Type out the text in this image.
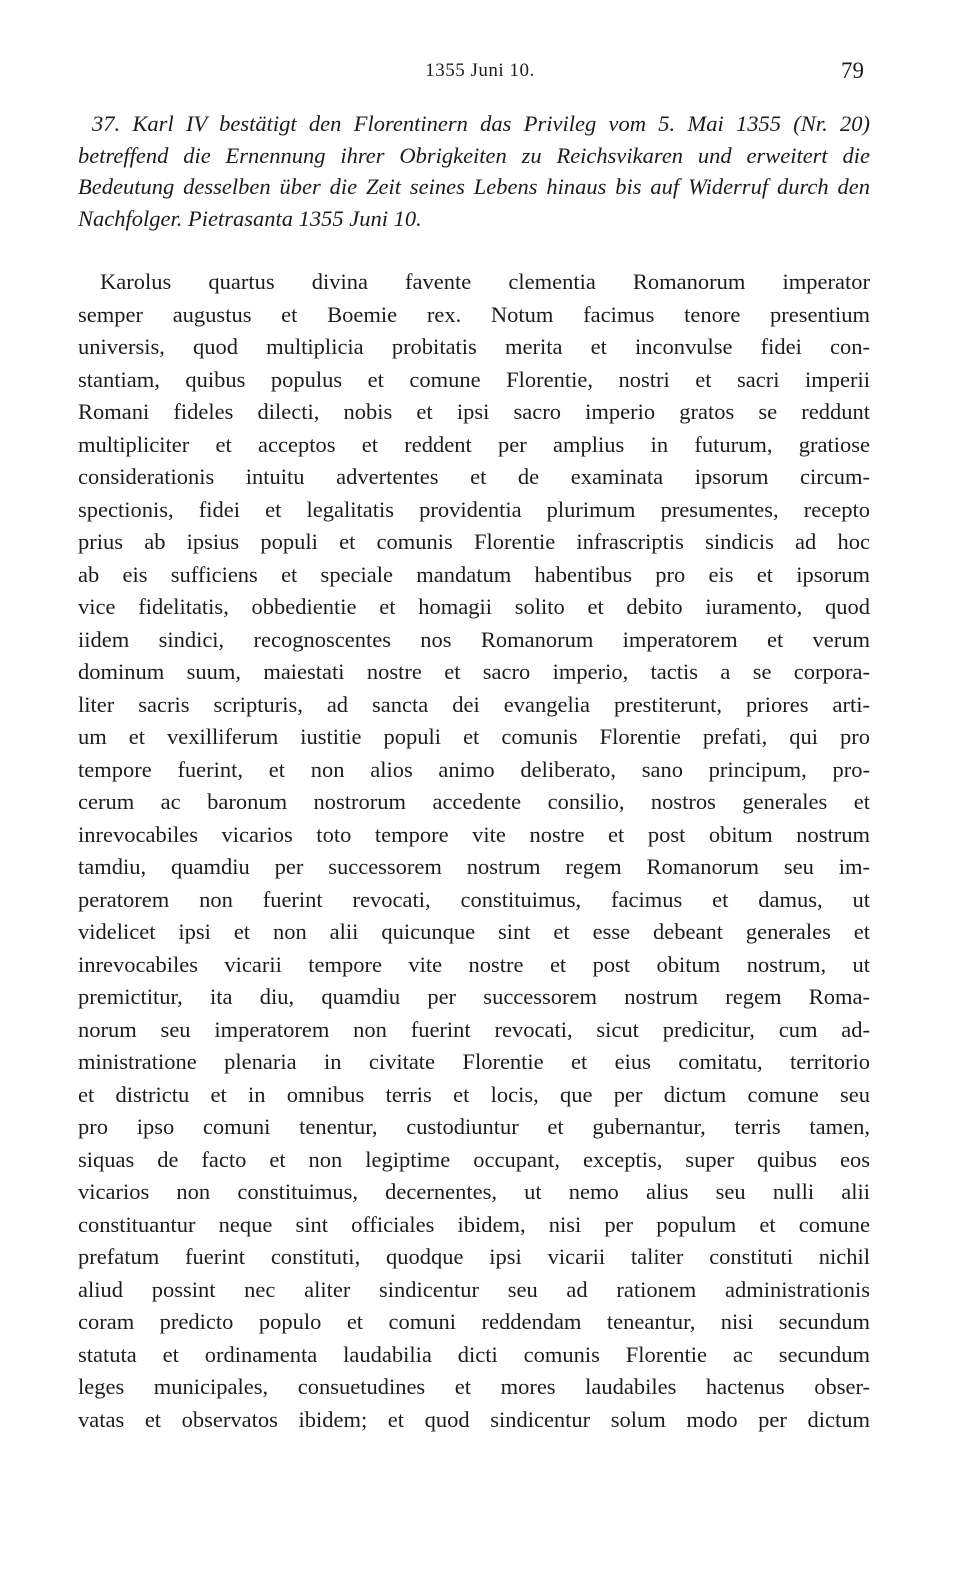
1355 Juni 10.	79
37. Karl IV bestätigt den Florentinern das Privileg vom 5. Mai 1355 (Nr. 20) betreffend die Ernennung ihrer Obrigkeiten zu Reichsvikaren und erweitert die Bedeutung desselben über die Zeit seines Lebens hinaus bis auf Widerruf durch den Nachfolger. Pietrasanta 1355 Juni 10.
Karolus quartus divina favente clementia Romanorum imperator
semper augustus et Boemie rex. Notum facimus tenore presentium
universis, quod multiplicia probitatis merita et inconvulse fidei con-
stantiam, quibus populus et comune Florentie, nostri et sacri imperii
Romani fideles dilecti, nobis et ipsi sacro imperio gratos se reddunt
multipliciter et acceptos et reddent per amplius in futurum, gratiose
considerationis intuitu advertentes et de examinata ipsorum circum-
spectionis, fidei et legalitatis providentia plurimum presumentes, recepto
prius ab ipsius populi et comunis Florentie infrascriptis sindicis ad hoc
ab eis sufficiens et speciale mandatum habentibus pro eis et ipsorum
vice fidelitatis, obbedientie et homagii solito et debito iuramento, quod
iidem sindici, recognoscentes nos Romanorum imperatorem et verum
dominum suum, maiestati nostre et sacro imperio, tactis a se corpora-
liter sacris scripturis, ad sancta dei evangelia prestiterunt, priores arti-
um et vexilliferum iustitie populi et comunis Florentie prefati, qui pro
tempore fuerint, et non alios animo deliberato, sano principum, pro-
cerum ac baronum nostrorum accedente consilio, nostros generales et
inrevocabiles vicarios toto tempore vite nostre et post obitum nostrum
tamdiu, quamdiu per successorem nostrum regem Romanorum seu im-
peratorem non fuerint revocati, constituimus, facimus et damus, ut
videlicet ipsi et non alii quicunque sint et esse debeant generales et
inrevocabiles vicarii tempore vite nostre et post obitum nostrum, ut
premictitur, ita diu, quamdiu per successorem nostrum regem Roma-
norum seu imperatorem non fuerint revocati, sicut predicitur, cum ad-
ministratione plenaria in civitate Florentie et eius comitatu, territorio
et districtu et in omnibus terris et locis, que per dictum comune seu
pro ipso comuni tenentur, custodiuntur et gubernantur, terris tamen,
siquas de facto et non legiptime occupant, exceptis, super quibus eos
vicarios non constituimus, decernentes, ut nemo alius seu nulli alii
constituantur neque sint officiales ibidem, nisi per populum et comune
prefatum fuerint constituti, quodque ipsi vicarii taliter constituti nichil
aliud possint nec aliter sindicentur seu ad rationem administrationis
coram predicto populo et comuni reddendam teneantur, nisi secundum
statuta et ordinamenta laudabilia dicti comunis Florentie ac secundum
leges municipales, consuetudines et mores laudabiles hactenus obser-
vatas et observatos ibidem; et quod sindicentur solum modo per dictum
